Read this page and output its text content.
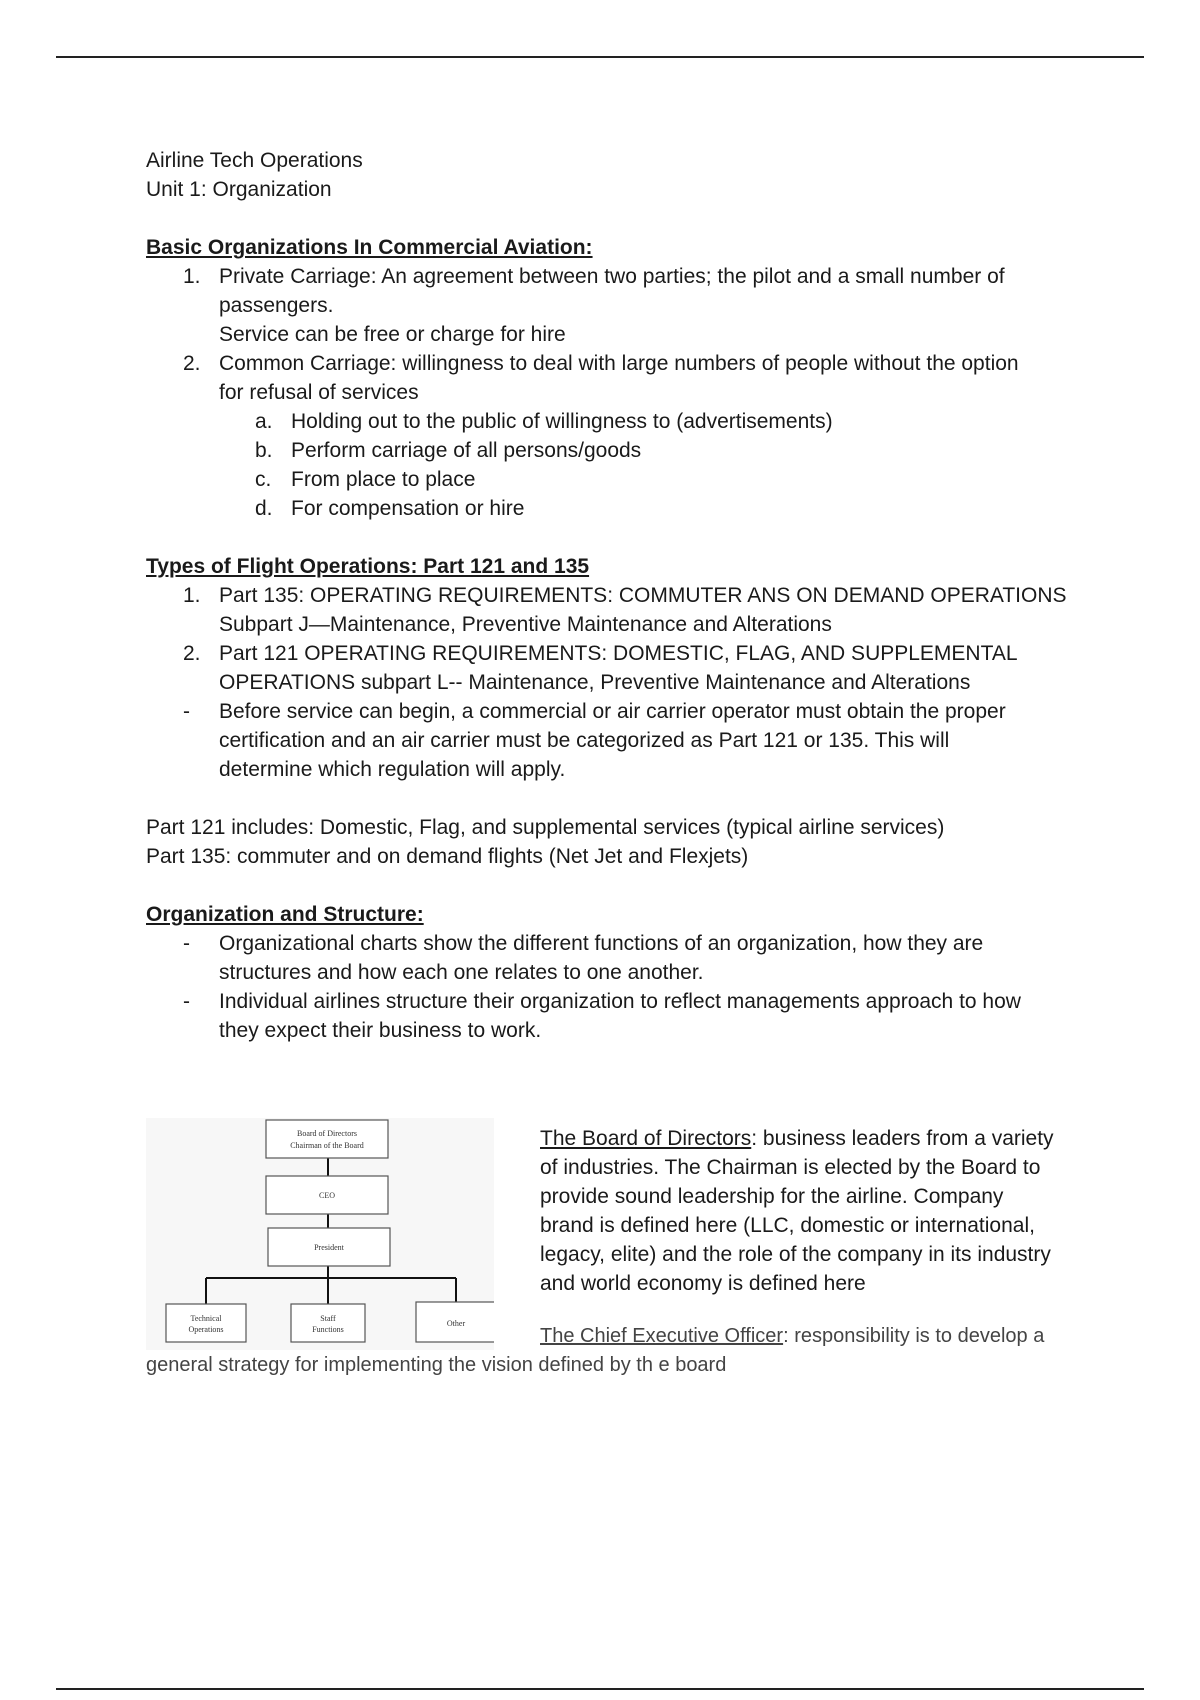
Airline Tech Operations

Unit 1: Organization

Basic Organizations In Commercial Aviation:

1. Private Carriage: An agreement between two parties; the pilot and a small number of
passengers.
Service can be free or charge for hire
2. Common Carriage: willingness to deal with large numbers of people without the option
for refusal of services
a. Holding out to the public of willingness to (advertisements)
b. Perform carriage of all persons/goods
c. From place to place
d. For compensation or hire

Types of Flight Operations: Part 121 and 135

1. Part 135: OPERATING REQUIREMENTS: COMMUTER ANS ON DEMAND OPERATIONS
Subpart J—Maintenance, Preventive Maintenance and Alterations
2. Part 121 OPERATING REQUIREMENTS: DOMESTIC, FLAG, AND SUPPLEMENTAL
OPERATIONS subpart L-- Maintenance, Preventive Maintenance and Alterations
-	Before service can begin, a commercial or air carrier operator must obtain the proper
certification and an air carrier must be categorized as Part 121 or 135. This will
determine which regulation will apply.

Part 121 includes: Domestic, Flag, and supplemental services (typical airline services)

Part 135: commuter and on demand flights (Net Jet and Flexjets)

Organization and Structure:

-	Organizational charts show the different functions of an organization, how they are
structures and how each one relates to one another.
-	Individual airlines structure their organization to reflect managements approach to how
they expect their business to work.
Board of Directors
Chairman of the Board
CEO
President
Technical
Operations
Staff
Functions
Other
The Board of Directors: business leaders from a variety
of industries. The Chairman is elected by the Board to
provide sound leadership for the airline. Company
brand is defined here (LLC, domestic or international,
legacy, elite) and the role of the company in its industry
and world economy is defined here
The Chief Executive Officer: responsibility is to develop a
general strategy for implementing the vision defined by th e board
